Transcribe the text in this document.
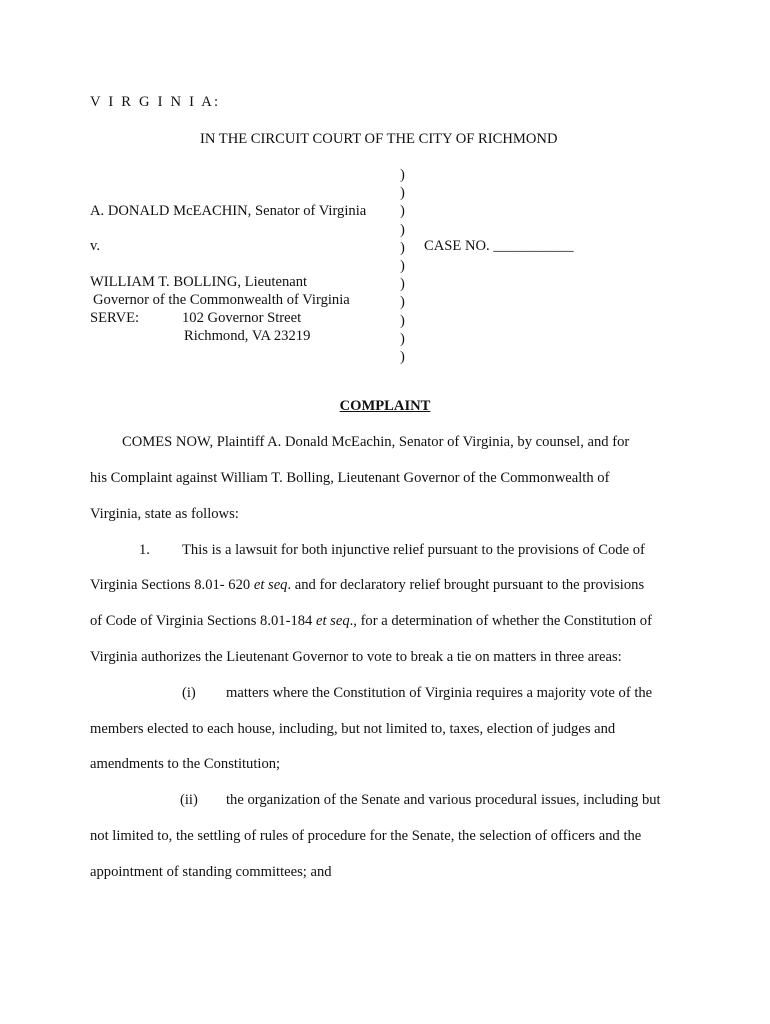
V I R G I N I A:
IN THE CIRCUIT COURT OF THE CITY OF RICHMOND
)
)
)
)
)
)
)
)
)
)
)
A. DONALD McEACHIN, Senator of Virginia
v.	CASE NO. ___________
WILLIAM T. BOLLING, Lieutenant
Governor of the Commonwealth of Virginia
SERVE:	102 Governor Street
Richmond, VA 23219
COMPLAINT
COMES NOW, Plaintiff A. Donald McEachin, Senator of Virginia, by counsel, and for
his Complaint against William T. Bolling, Lieutenant Governor of the Commonwealth of
Virginia, state as follows:
1. This is a lawsuit for both injunctive relief pursuant to the provisions of Code of
Virginia Sections 8.01- 620 et seq. and for declaratory relief brought pursuant to the provisions
of Code of Virginia Sections 8.01-184 et seq., for a determination of whether the Constitution of
Virginia authorizes the Lieutenant Governor to vote to break a tie on matters in three areas:
(i) matters where the Constitution of Virginia requires a majority vote of the
members elected to each house, including, but not limited to, taxes, election of judges and
amendments to the Constitution;
(ii) the organization of the Senate and various procedural issues, including but
not limited to, the settling of rules of procedure for the Senate, the selection of officers and the
appointment of standing committees; and
